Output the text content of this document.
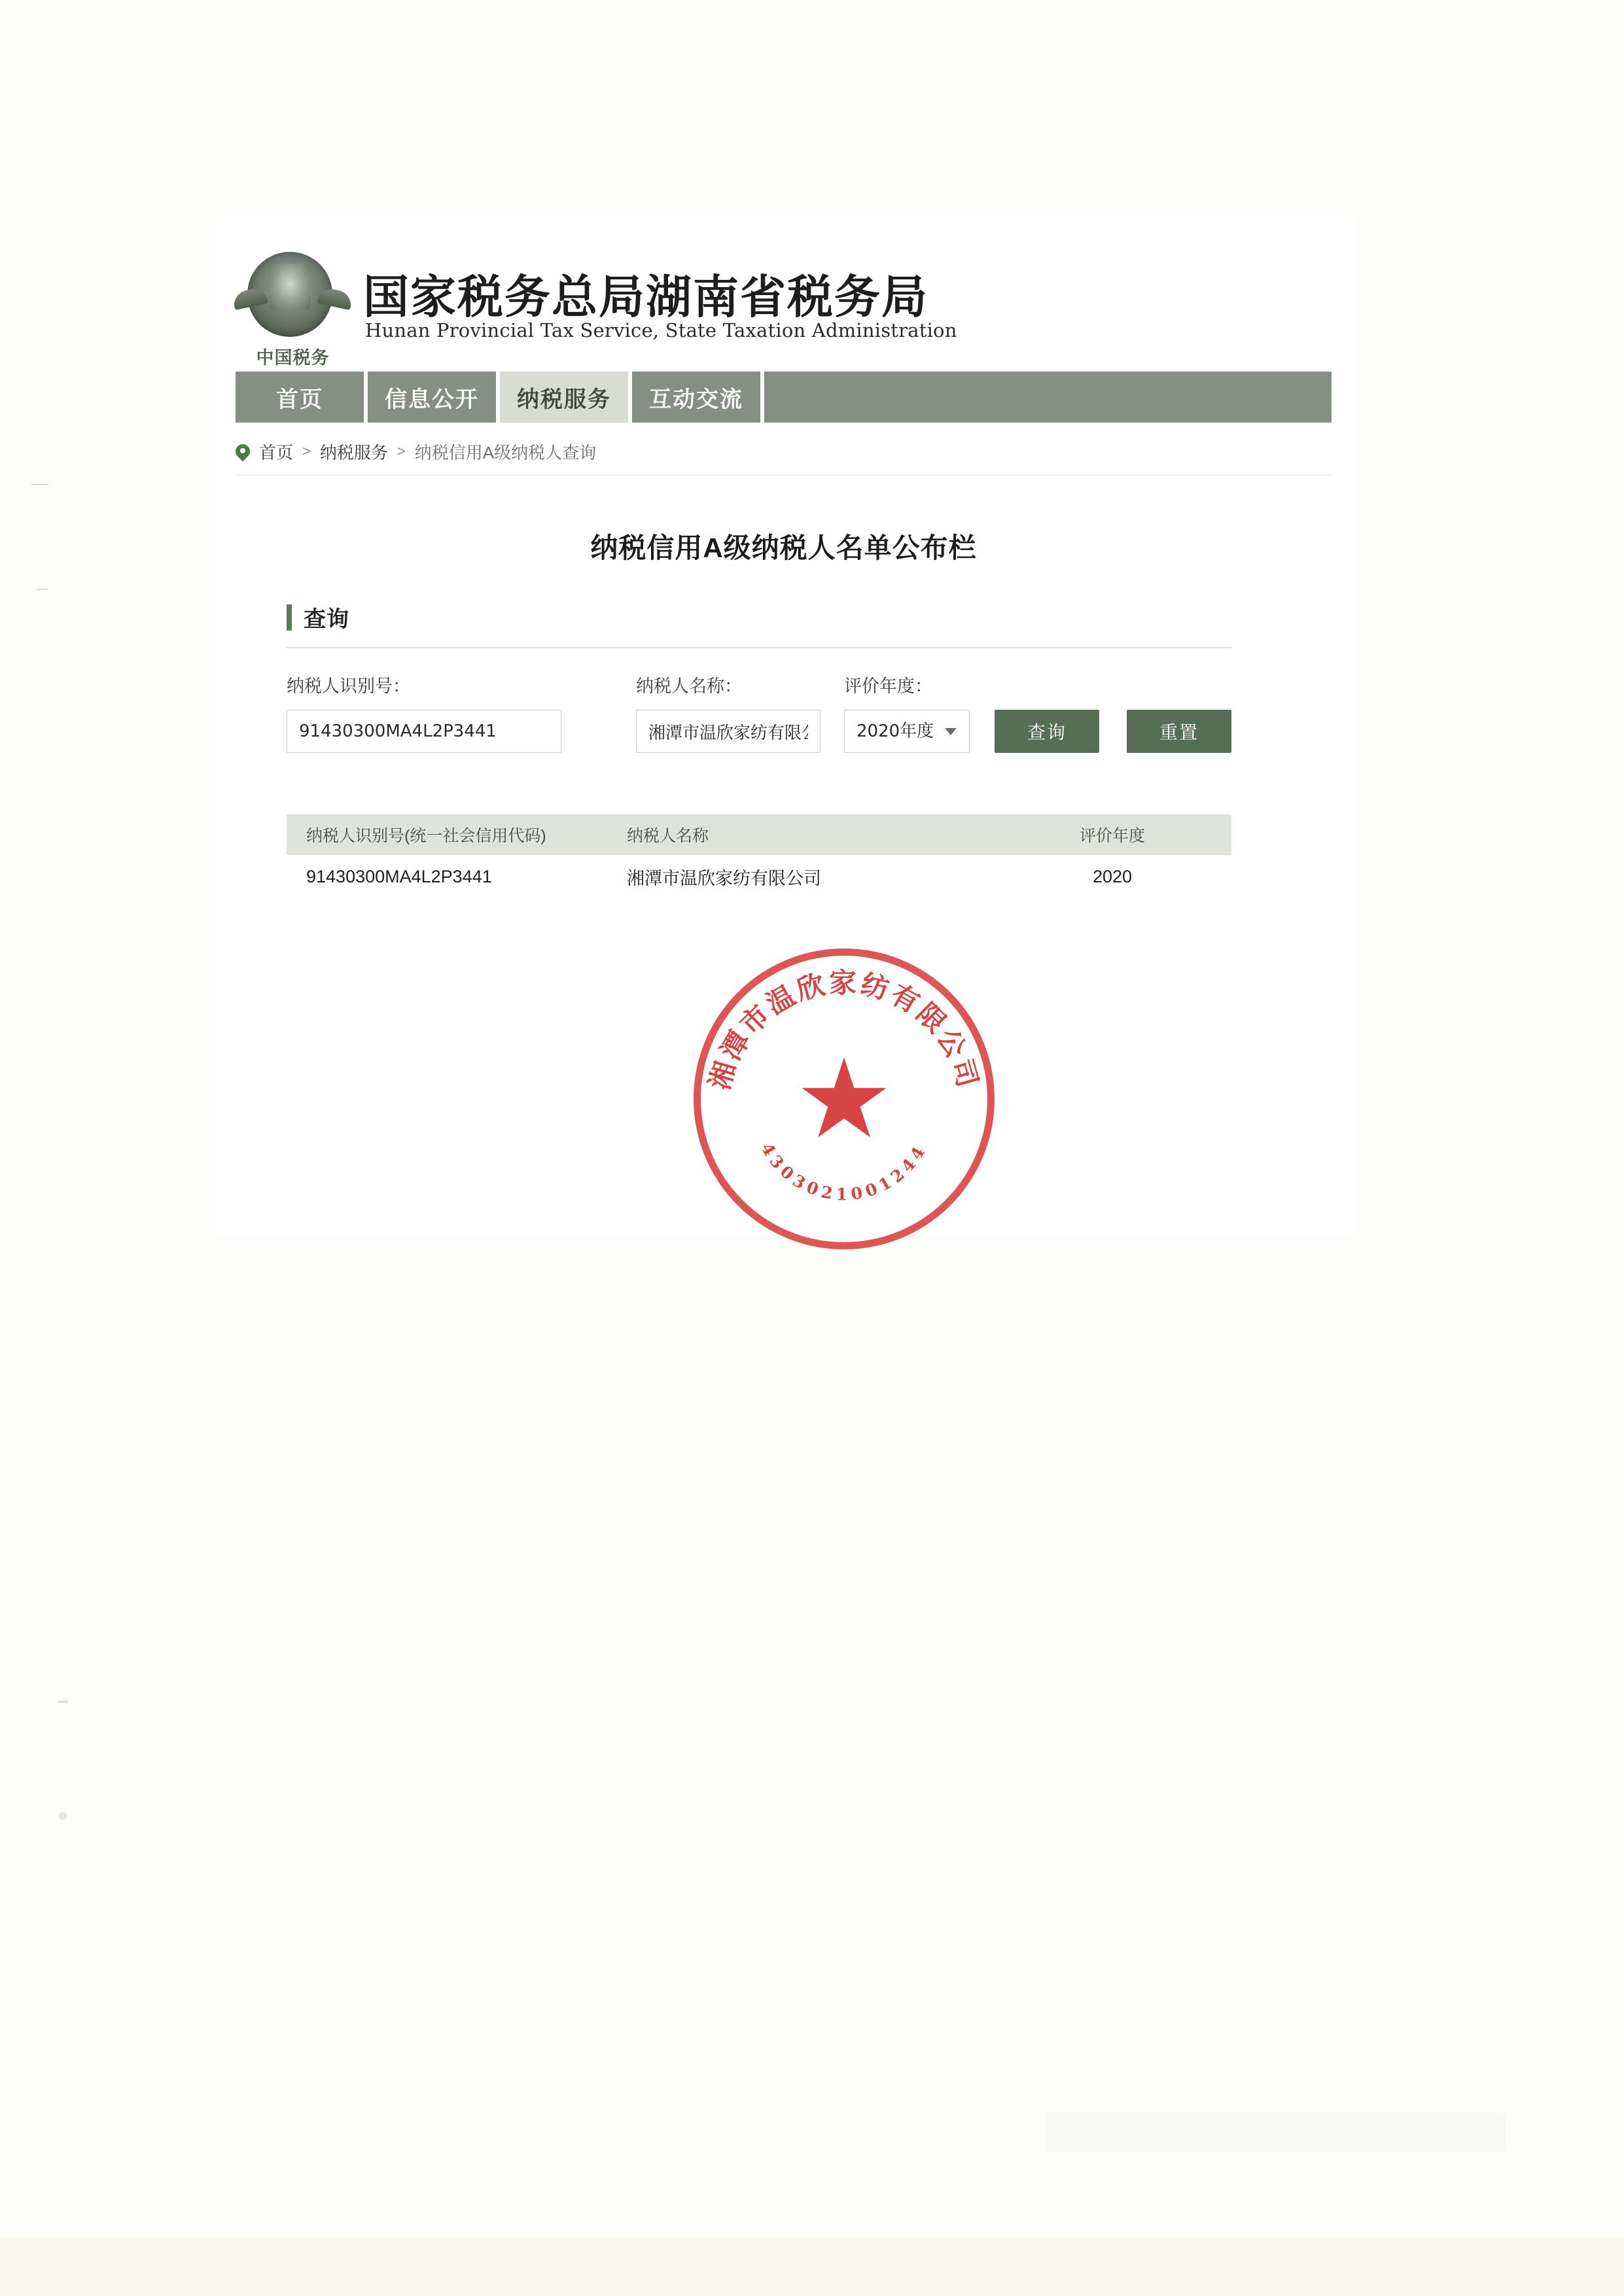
中国税务
国家税务总局湖南省税务局
Hunan Provincial Tax Service, State Taxation Administration
首页	信息公开	纳税服务	互动交流
首页 > 纳税服务 > 纳税信用A级纳税人查询
纳税信用A级纳税人名单公布栏
查询
纳税人识别号：	纳税人名称：	评价年度：
91430300MA4L2P3441
湘潭市温欣家纺有限公司
2020年度
查询	重置
纳税人识别号(统一社会信用代码)	纳税人名称	评价年度
91430300MA4L2P3441	湘潭市温欣家纺有限公司	2020
湘潭市温欣家纺有限公司
4303021001244
★
